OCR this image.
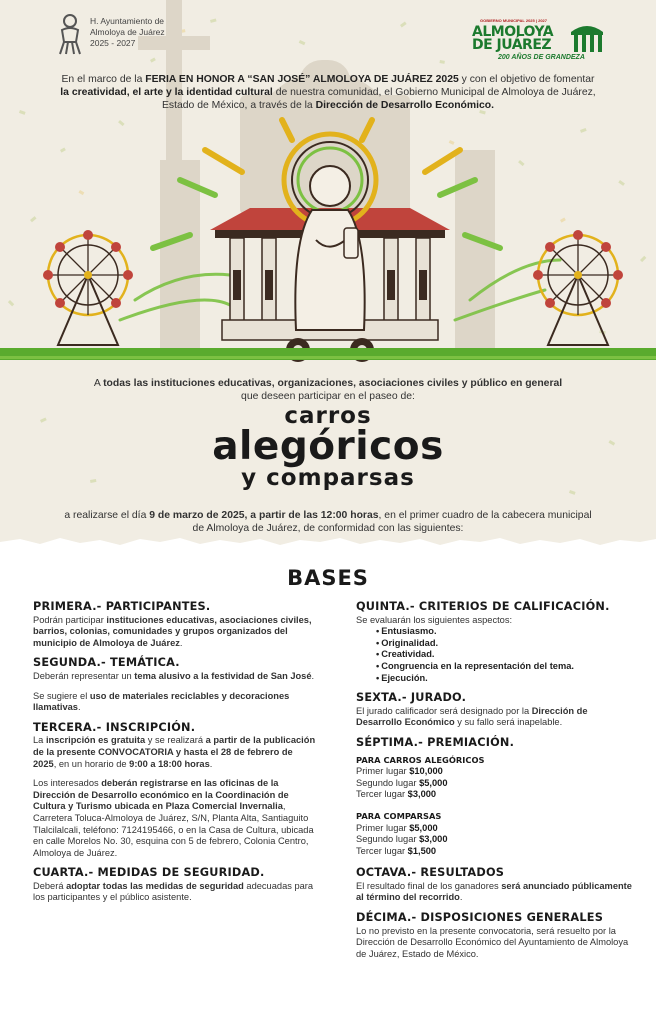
H. Ayuntamiento de
Almoloya de Juárez
2025 - 2027
GOBIERNO MUNICIPAL 2025 | 2027
ALMOLOYA
DE JUÁREZ
200 AÑOS DE GRANDEZA
En el marco de la FERIA EN HONOR A “SAN JOSÉ” ALMOLOYA DE JUÁREZ 2025 y con el objetivo de fomentar la creatividad, el arte y la identidad cultural de nuestra comunidad, el Gobierno Municipal de Almoloya de Juárez, Estado de México, a través de la Dirección de Desarrollo Económico.
A todas las instituciones educativas, organizaciones, asociaciones civiles y público en general que deseen participar en el paseo de:
carros
alegóricos
y comparsas
a realizarse el día 9 de marzo de 2025, a partir de las 12:00 horas, en el primer cuadro de la cabecera municipal de Almoloya de Juárez, de conformidad con las siguientes:
BASES
PRIMERA.- PARTICIPANTES.
Podrán participar instituciones educativas, asociaciones civiles, barrios, colonias, comunidades y grupos organizados del municipio de Almoloya de Juárez.
SEGUNDA.- TEMÁTICA.
Deberán representar un tema alusivo a la festividad de San José.
Se sugiere el uso de materiales reciclables y decoraciones llamativas.
TERCERA.- INSCRIPCIÓN.
La inscripción es gratuita y se realizará a partir de la publicación de la presente CONVOCATORIA y hasta el 28 de febrero de 2025, en un horario de 9:00 a 18:00 horas.
Los interesados deberán registrarse en las oficinas de la Dirección de Desarrollo económico en la Coordinación de Cultura y Turismo ubicada en Plaza Comercial Invernalia, Carretera Toluca-Almoloya de Juárez, S/N, Planta Alta, Santiaguito Tlalcilalcali, teléfono: 7124195466, o en la Casa de Cultura, ubicada en calle Morelos No. 30, esquina con 5 de febrero, Colonia Centro, Almoloya de Juárez.
CUARTA.- MEDIDAS DE SEGURIDAD.
Deberá adoptar todas las medidas de seguridad adecuadas para los participantes y el público asistente.
QUINTA.- CRITERIOS DE CALIFICACIÓN.
Se evaluarán los siguientes aspectos:
• Entusiasmo.
• Originalidad.
• Creatividad.
• Congruencia en la representación del tema.
• Ejecución.
SEXTA.- JURADO.
El jurado calificador será designado por la Dirección de Desarrollo Económico y su fallo será inapelable.
SÉPTIMA.- PREMIACIÓN.
PARA CARROS ALEGÓRICOS
Primer lugar $10,000
Segundo lugar $5,000
Tercer lugar $3,000
PARA COMPARSAS
Primer lugar $5,000
Segundo lugar $3,000
Tercer lugar $1,500
OCTAVA.- RESULTADOS
El resultado final de los ganadores será anunciado públicamente al término del recorrido.
DÉCIMA.- DISPOSICIONES GENERALES
Lo no previsto en la presente convocatoria, será resuelto por la Dirección de Desarrollo Económico del Ayuntamiento de Almoloya de Juárez, Estado de México.
